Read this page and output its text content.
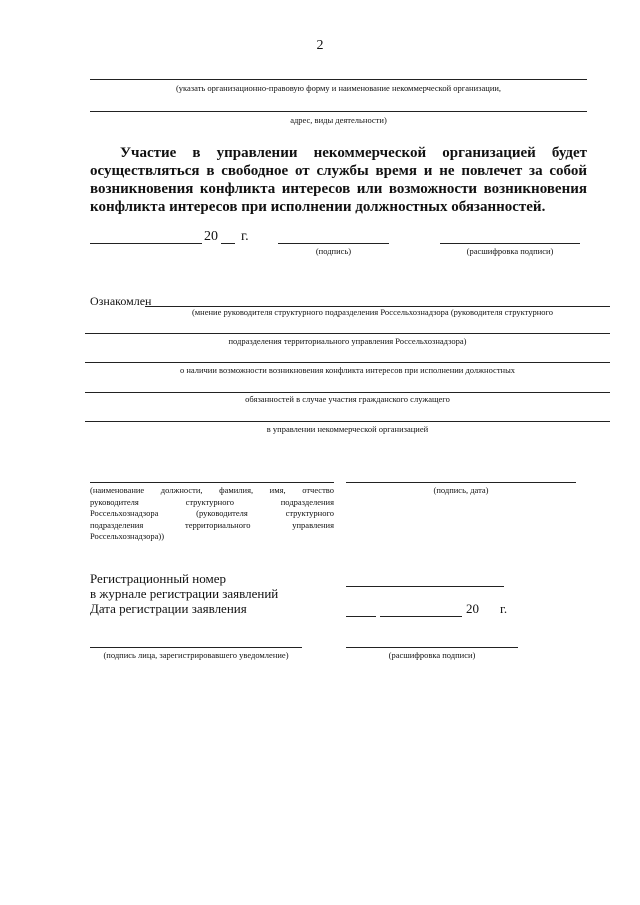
2
(указать организационно-правовую форму и наименование некоммерческой организации,
адрес, виды деятельности)
Участие в управлении некоммерческой организацией будет
осуществляться в свободное от службы время и не повлечет за собой
возникновения конфликта интересов или возможности возникновения
конфликта интересов при исполнении должностных обязанностей.
20 г.
(подпись)	(расшифровка подписи)
Ознакомлен
(мнение руководителя структурного подразделения Россельхознадзора (руководителя структурного
подразделения территориального управления Россельхознадзора)
о наличии возможности возникновения конфликта интересов при исполнении должностных
обязанностей в случае участия гражданского служащего
в управлении некоммерческой организацией
(наименование должности, фамилия, имя, отчество
руководителя структурного подразделения
Россельхознадзора (руководителя структурного
подразделения территориального управления
Россельхознадзора))
(подпись, дата)
Регистрационный номер
в журнале регистрации заявлений
Дата регистрации заявления	20 г.
(подпись лица, зарегистрировавшего уведомление)	(расшифровка подписи)
